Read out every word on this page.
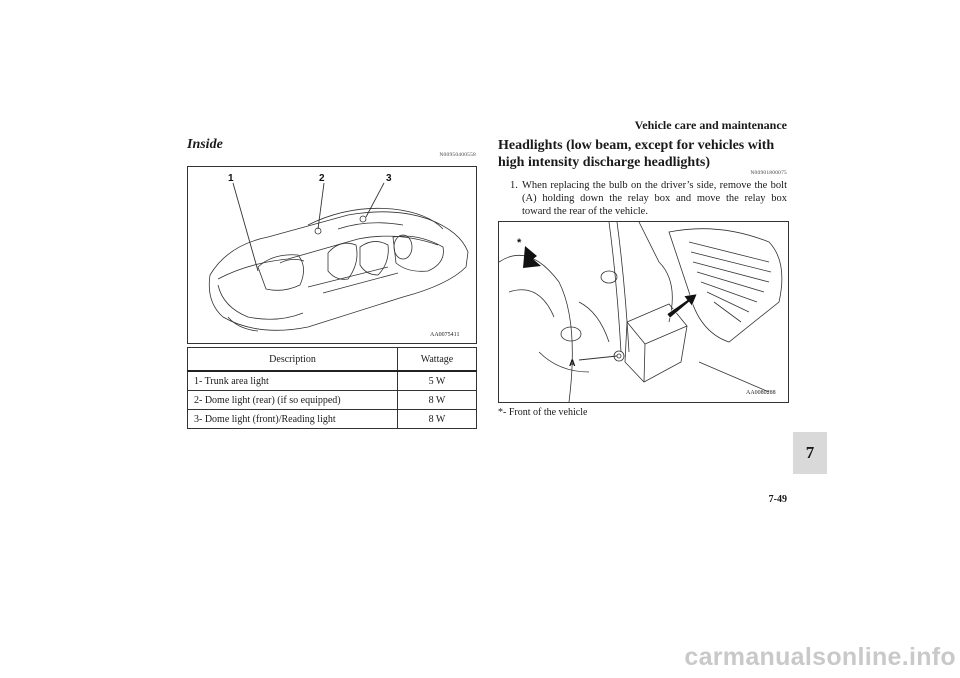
Vehicle care and maintenance
Inside
N00950400558
1	2	3
AA0075411
Description	Wattage
1- Trunk area light	5 W
2- Dome light (rear) (if so equipped)	8 W
3- Dome light (front)/Reading light	8 W
Headlights (low beam, except for vehicles with high intensity discharge headlights)
N00901800075
1. When replacing the bulb on the driver’s side, remove the bolt (A) holding down the relay box and move the relay box toward the rear of the vehicle.
*
A
AA0080288
*- Front of the vehicle
7
7-49
carmanualsonline.info
